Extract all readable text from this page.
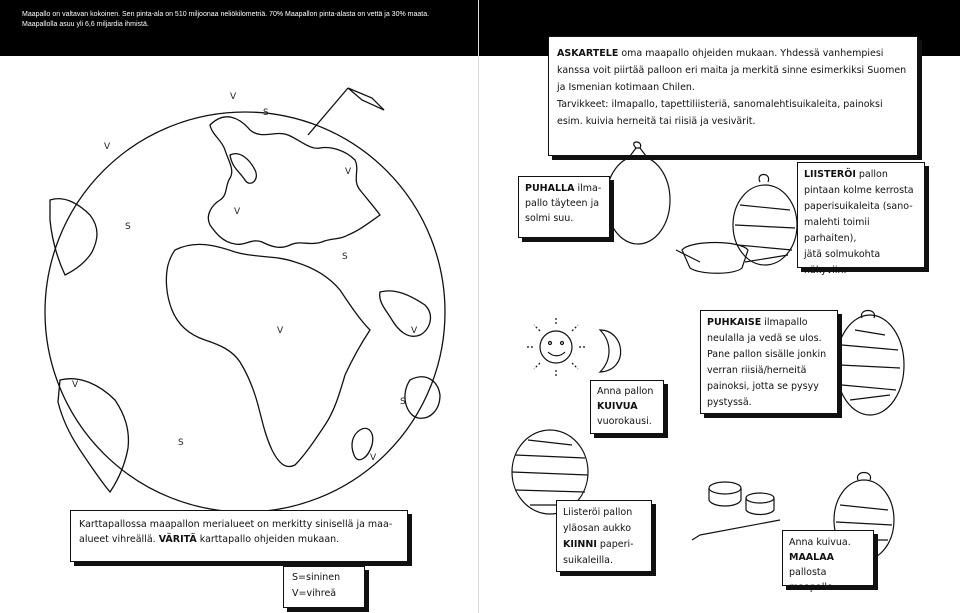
Maapallo on valtavan kokoinen. Sen pinta-ala on 510 miljoonaa neliökilometriä. 70% Maapallon pinta-alasta on vettä ja 30% maata.
Maapallolla asuu yli 6,6 miljardia ihmistä.
V
S
V
V
S
V
S
V	V
V
S
S
V
Karttapallossa maapallon merialueet on merkitty sinisellä ja maa-
alueet vihreällä. VÄRITÄ karttapallo ohjeiden mukaan.
S=sininen
V=vihreä
ASKARTELE oma maapallo ohjeiden mukaan. Yhdessä vanhempiesi kanssa voit piirtää palloon eri maita ja merkitä sinne esimerkiksi Suomen ja Ismenian kotimaan Chilen.
Tarvikkeet: ilmapallo, tapettiliisteriä, sanomalehtisuikaleita, painoksi esim. kuivia herneitä tai riisiä ja vesivärit.
PUHALLA ilma-
pallo täyteen ja
solmi suu.
LIISTERÖI pallon
pintaan kolme kerrosta
paperisuikaleita (sano-
malehti toimii parhaiten),
jätä solmukohta
näkyviin.
PUHKAISE ilmapallo
neulalla ja vedä se ulos.
Pane pallon sisälle jonkin
verran riisiä/herneitä
painoksi, jotta se pysyy
pystyssä.
Anna pallon
KUIVUA
vuorokausi.
Liisteröi pallon
yläosan aukko
KIINNI paperi-
suikaleilla.
Anna kuivua.
MAALAA pallosta
maapallo.
